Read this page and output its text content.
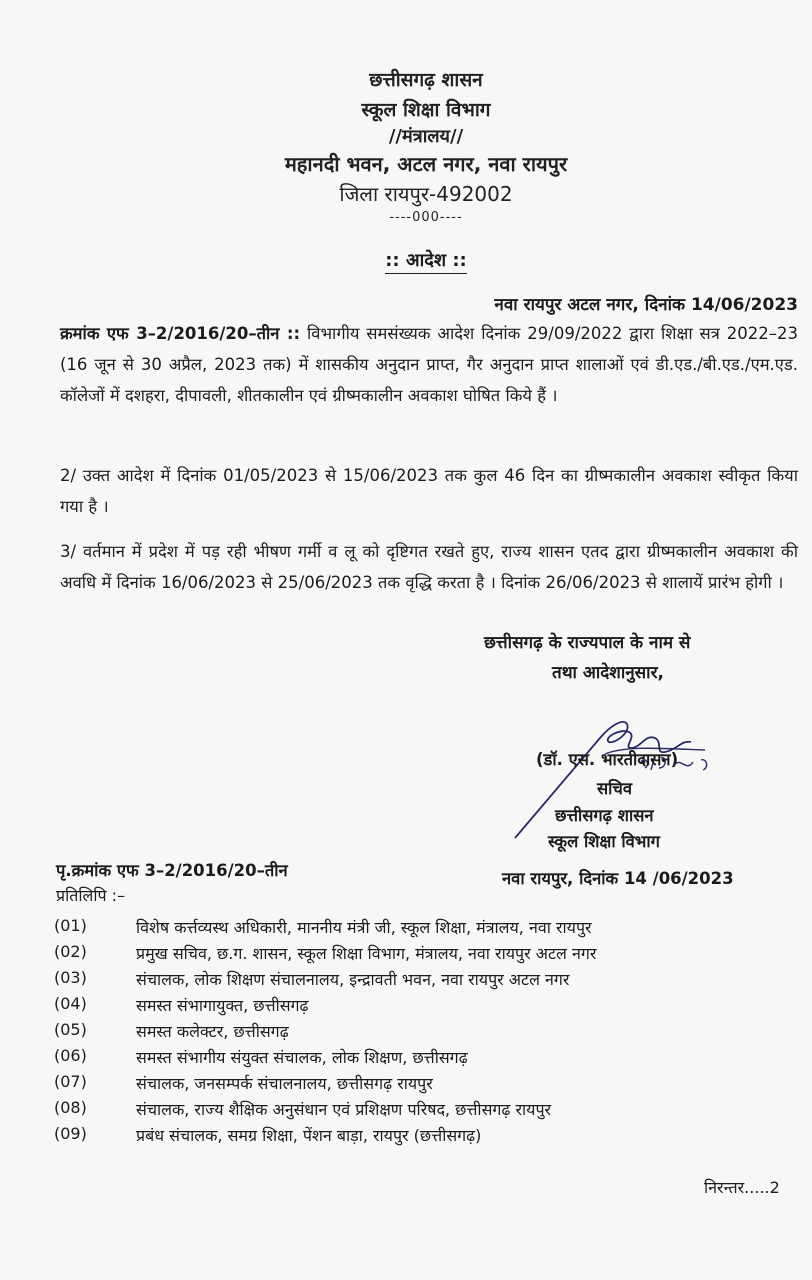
छत्तीसगढ़ शासन
स्कूल शिक्षा विभाग
//मंत्रालय//
महानदी भवन, अटल नगर, नवा रायपुर
जिला रायपुर-492002
----000----
:: आदेश ::
नवा रायपुर अटल नगर, दिनांक 14/06/2023
क्रमांक एफ 3–2/2016/20–तीन :: विभागीय समसंख्यक आदेश दिनांक 29/09/2022 द्वारा शिक्षा सत्र 2022–23 (16 जून से 30 अप्रैल, 2023 तक) में शासकीय अनुदान प्राप्त, गैर अनुदान प्राप्त शालाओं एवं डी.एड./बी.एड./एम.एड. कॉलेजों में दशहरा, दीपावली, शीतकालीन एवं ग्रीष्मकालीन अवकाश घोषित किये हैं ।
2/ उक्त आदेश में दिनांक 01/05/2023 से 15/06/2023 तक कुल 46 दिन का ग्रीष्मकालीन अवकाश स्वीकृत किया गया है ।
3/ वर्तमान में प्रदेश में पड़ रही भीषण गर्मी व लू को दृष्टिगत रखते हुए, राज्य शासन एतद द्वारा ग्रीष्मकालीन अवकाश की अवधि में दिनांक 16/06/2023 से 25/06/2023 तक वृद्धि करता है । दिनांक 26/06/2023 से शालायें प्रारंभ होगी ।
छत्तीसगढ़ के राज्यपाल के नाम से
तथा आदेशानुसार,
(डॉ. एस. भारतीदासन)
सचिव
छत्तीसगढ़ शासन
स्कूल शिक्षा विभाग
पृ.क्रमांक एफ 3–2/2016/20–तीन	नवा रायपुर, दिनांक 14 /06/2023
प्रतिलिपि :–
(01)	विशेष कर्त्तव्यस्थ अधिकारी, माननीय मंत्री जी, स्कूल शिक्षा, मंत्रालय, नवा रायपुर
(02)	प्रमुख सचिव, छ.ग. शासन, स्कूल शिक्षा विभाग, मंत्रालय, नवा रायपुर अटल नगर
(03)	संचालक, लोक शिक्षण संचालनालय, इन्द्रावती भवन, नवा रायपुर अटल नगर
(04)	समस्त संभागायुक्त, छत्तीसगढ़
(05)	समस्त कलेक्टर, छत्तीसगढ़
(06)	समस्त संभागीय संयुक्त संचालक, लोक शिक्षण, छत्तीसगढ़
(07)	संचालक, जनसम्पर्क संचालनालय, छत्तीसगढ़ रायपुर
(08)	संचालक, राज्य शैक्षिक अनुसंधान एवं प्रशिक्षण परिषद, छत्तीसगढ़ रायपुर
(09)	प्रबंध संचालक, समग्र शिक्षा, पेंशन बाड़ा, रायपुर (छत्तीसगढ़)
निरन्तर.....2
